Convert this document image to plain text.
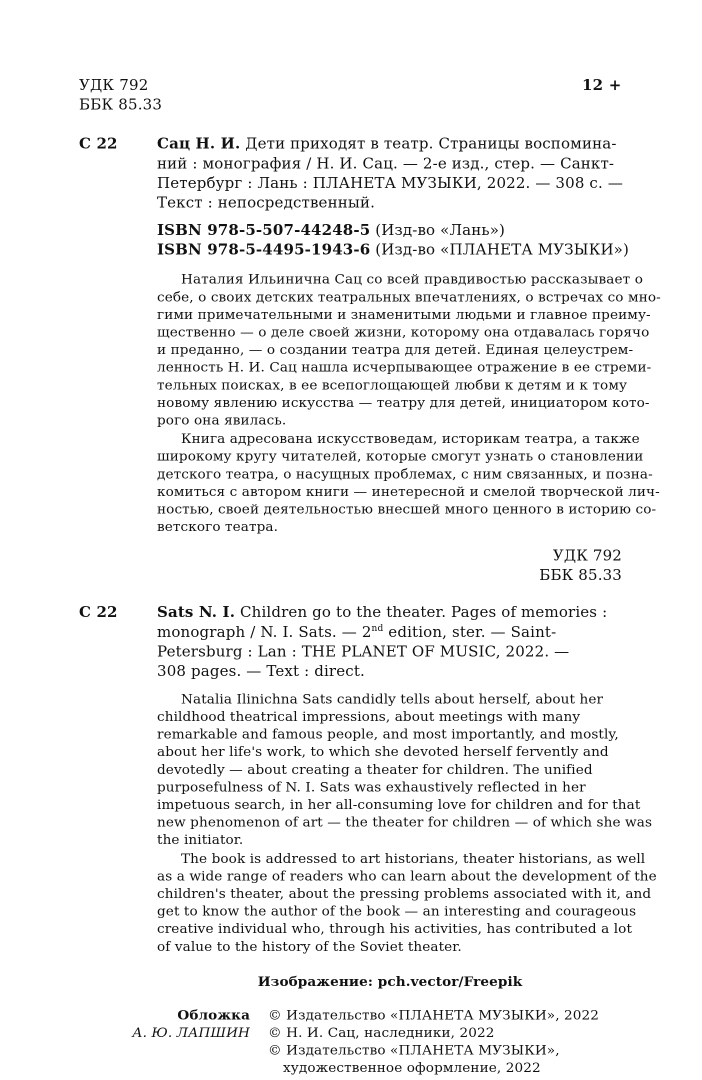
УДК 792
ББК 85.33
12 +
С 22	Сац Н. И. Дети приходят в театр. Страницы воспомина-
ний : монография / Н. И. Сац. — 2-е изд., стер. — Санкт-
Петербург : Лань : ПЛАНЕТА МУЗЫКИ, 2022. — 308 с. —
Текст : непосредственный.
ISBN 978-5-507-44248-5 (Изд-во «Лань»)
ISBN 978-5-4495-1943-6 (Изд-во «ПЛАНЕТА МУЗЫКИ»)
Наталия Ильинична Сац со всей правдивостью рассказывает о
себе, о своих детских театральных впечатлениях, о встречах со мно-
гими примечательными и знаменитыми людьми и главное преиму-
щественно — о деле своей жизни, которому она отдавалась горячо
и преданно, — о создании театра для детей. Единая целеустрем-
ленность Н. И. Сац нашла исчерпывающее отражение в ее стреми-
тельных поисках, в ее всепоглощающей любви к детям и к тому
новому явлению искусства — театру для детей, инициатором кото-
рого она явилась.
Книга адресована искусствоведам, историкам театра, а также
широкому кругу читателей, которые смогут узнать о становлении
детского театра, о насущных проблемах, с ним связанных, и позна-
комиться с автором книги — инетересной и смелой творческой лич-
ностью, своей деятельностью внесшей много ценного в историю со-
ветского театра.
УДК 792
ББК 85.33
С 22	Sats N. I. Children go to the theater. Pages of memories :
monograph / N. I. Sats. — 2nd edition, ster. — Saint-
Petersburg : Lan : THE PLANET OF MUSIC, 2022. —
308 pages. — Text : direct.
Natalia Ilinichna Sats candidly tells about herself, about her
childhood theatrical impressions, about meetings with many
remarkable and famous people, and most importantly, and mostly,
about her life's work, to which she devoted herself fervently and
devotedly — about creating a theater for children. The unified
purposefulness of N. I. Sats was exhaustively reflected in her
impetuous search, in her all-consuming love for children and for that
new phenomenon of art — the theater for children — of which she was
the initiator.
The book is addressed to art historians, theater historians, as well
as a wide range of readers who can learn about the development of the
children's theater, about the pressing problems associated with it, and
get to know the author of the book — an interesting and courageous
creative individual who, through his activities, has contributed a lot
of value to the history of the Soviet theater.
Изображение: pch.vector/Freepik
Обложка
А. Ю. ЛАПШИН
© Издательство «ПЛАНЕТА МУЗЫКИ», 2022
© Н. И. Сац, наследники, 2022
© Издательство «ПЛАНЕТА МУЗЫКИ»,
художественное оформление, 2022
